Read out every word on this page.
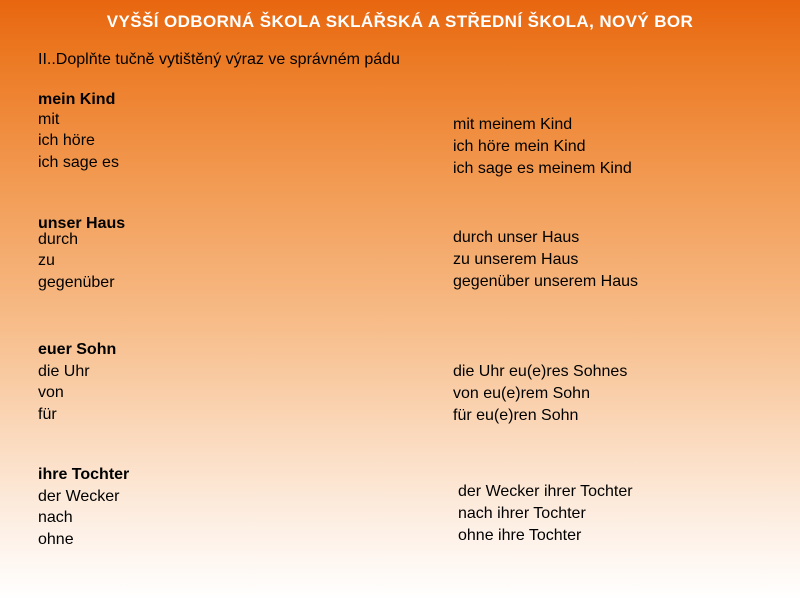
VYŠŠÍ ODBORNÁ ŠKOLA SKLÁŘSKÁ A STŘEDNÍ ŠKOLA, NOVÝ BOR
II..Doplňte tučně vytištěný výraz ve správném pádu
mein Kind
mit
ich höre
ich sage es
mit meinem Kind
ich höre mein Kind
ich sage es meinem Kind
unser Haus
durch
zu
gegenüber
durch unser Haus
zu unserem Haus
gegenüber unserem Haus
euer Sohn
die Uhr
von
für
die Uhr eu(e)res Sohnes
von eu(e)rem Sohn
für eu(e)ren Sohn
ihre Tochter
der Wecker
nach
ohne
der Wecker ihrer Tochter
nach ihrer Tochter
ohne ihre Tochter
